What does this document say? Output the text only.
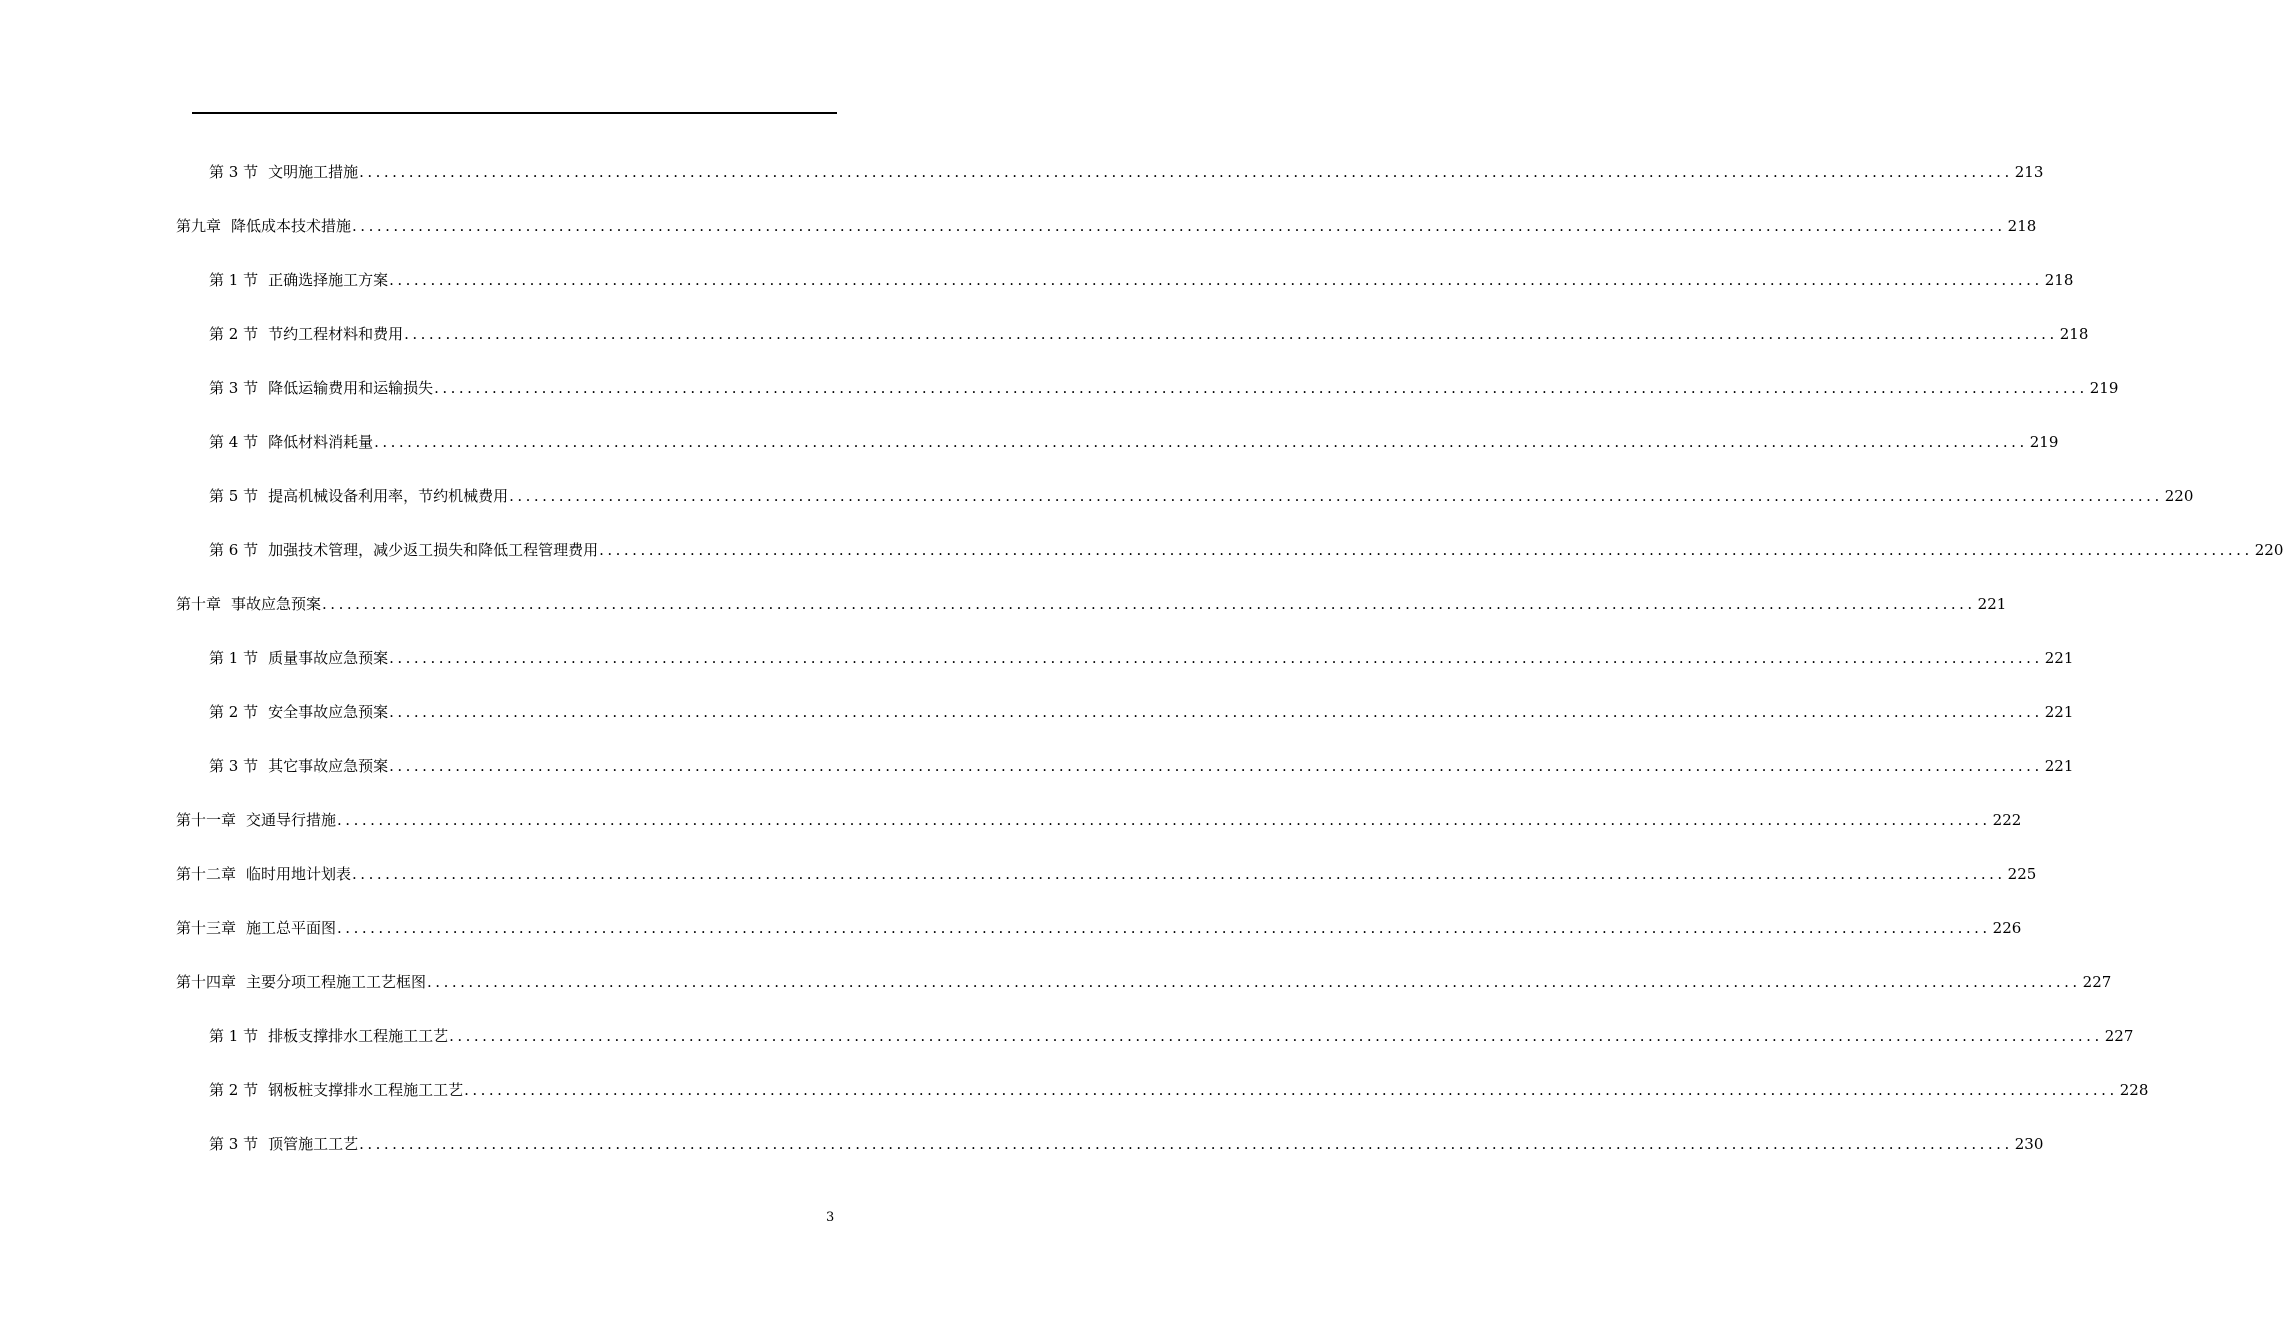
第 3 节 文明施工措施 ........................................................................................................................................................................................................ 213
第九章 降低成本技术措施 ........................................................................................................................................................................................................ 218
第 1 节 正确选择施工方案 ........................................................................................................................................................................................................ 218
第 2 节 节约工程材料和费用 ........................................................................................................................................................................................................ 218
第 3 节 降低运输费用和运输损失 ........................................................................................................................................................................................................ 219
第 4 节 降低材料消耗量 ........................................................................................................................................................................................................ 219
第 5 节 提高机械设备利用率，节约机械费用 ........................................................................................................................................................................................................ 220
第 6 节 加强技术管理，减少返工损失和降低工程管理费用 ........................................................................................................................................................................................................ 220
第十章 事故应急预案 ........................................................................................................................................................................................................ 221
第 1 节 质量事故应急预案 ........................................................................................................................................................................................................ 221
第 2 节 安全事故应急预案 ........................................................................................................................................................................................................ 221
第 3 节 其它事故应急预案 ........................................................................................................................................................................................................ 221
第十一章 交通导行措施 ........................................................................................................................................................................................................ 222
第十二章 临时用地计划表 ........................................................................................................................................................................................................ 225
第十三章 施工总平面图 ........................................................................................................................................................................................................ 226
第十四章 主要分项工程施工工艺框图 ........................................................................................................................................................................................................ 227
第 1 节 排板支撑排水工程施工工艺 ........................................................................................................................................................................................................ 227
第 2 节 钢板桩支撑排水工程施工工艺 ........................................................................................................................................................................................................ 228
第 3 节 顶管施工工艺 ........................................................................................................................................................................................................ 230
3
